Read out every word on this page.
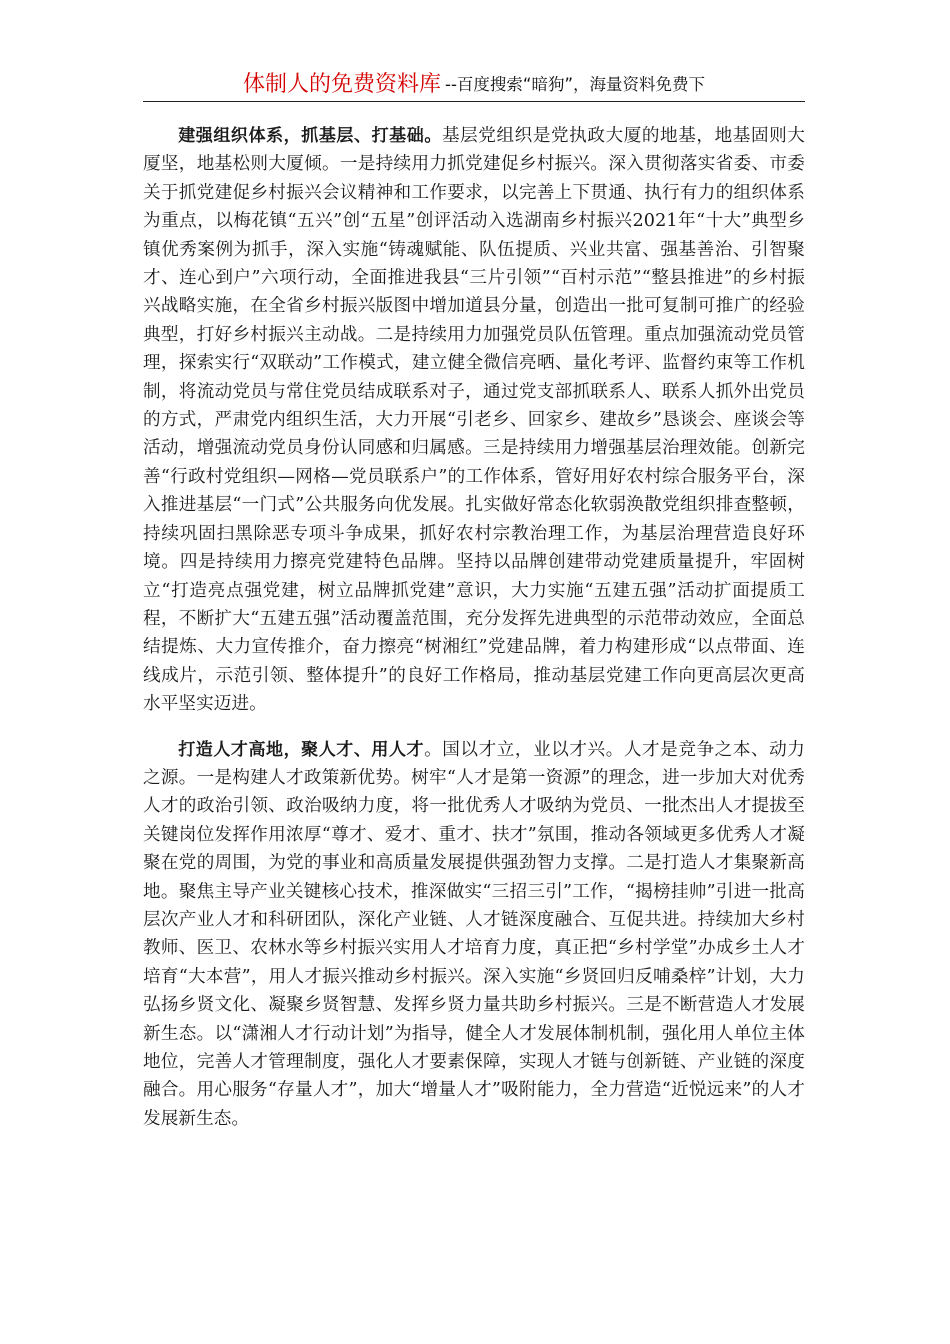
体制人的免费资料库 --百度搜索“暗狗”，海量资料免费下

建强组织体系，抓基层、打基础。基层党组织是党执政大厦的地基，地基固则大厦坚，地基松则大厦倾。一是持续用力抓党建促乡村振兴。深入贯彻落实省委、市委关于抓党建促乡村振兴会议精神和工作要求，以完善上下贯通、执行有力的组织体系为重点，以梅花镇“五兴”创“五星”创评活动入选湖南乡村振兴2021年“十大”典型乡镇优秀案例为抓手，深入实施“铸魂赋能、队伍提质、兴业共富、强基善治、引智聚才、连心到户”六项行动，全面推进我县“三片引领”“百村示范”“整县推进”的乡村振兴战略实施，在全省乡村振兴版图中增加道县分量，创造出一批可复制可推广的经验典型，打好乡村振兴主动战。二是持续用力加强党员队伍管理。重点加强流动党员管理，探索实行“双联动”工作模式，建立健全微信亮晒、量化考评、监督约束等工作机制，将流动党员与常住党员结成联系对子，通过党支部抓联系人、联系人抓外出党员的方式，严肃党内组织生活，大力开展“引老乡、回家乡、建故乡”恳谈会、座谈会等活动，增强流动党员身份认同感和归属感。三是持续用力增强基层治理效能。创新完善“行政村党组织—网格—党员联系户”的工作体系，管好用好农村综合服务平台，深入推进基层“一门式”公共服务向优发展。扎实做好常态化软弱涣散党组织排查整顿，持续巩固扫黑除恶专项斗争成果，抓好农村宗教治理工作，为基层治理营造良好环境。四是持续用力擦亮党建特色品牌。坚持以品牌创建带动党建质量提升，牢固树立“打造亮点强党建，树立品牌抓党建”意识，大力实施“五建五强”活动扩面提质工程，不断扩大“五建五强”活动覆盖范围，充分发挥先进典型的示范带动效应，全面总结提炼、大力宣传推介，奋力擦亮“树湘红”党建品牌，着力构建形成“以点带面、连线成片，示范引领、整体提升”的良好工作格局，推动基层党建工作向更高层次更高水平坚实迈进。

打造人才高地，聚人才、用人才。国以才立，业以才兴。人才是竞争之本、动力之源。一是构建人才政策新优势。树牢“人才是第一资源”的理念，进一步加大对优秀人才的政治引领、政治吸纳力度，将一批优秀人才吸纳为党员、一批杰出人才提拔至关键岗位发挥作用浓厚“尊才、爱才、重才、扶才”氛围，推动各领域更多优秀人才凝聚在党的周围，为党的事业和高质量发展提供强劲智力支撑。二是打造人才集聚新高地。聚焦主导产业关键核心技术，推深做实“三招三引”工作，“揭榜挂帅”引进一批高层次产业人才和科研团队，深化产业链、人才链深度融合、互促共进。持续加大乡村教师、医卫、农林水等乡村振兴实用人才培育力度，真正把“乡村学堂”办成乡土人才培育“大本营”，用人才振兴推动乡村振兴。深入实施“乡贤回归反哺桑梓”计划，大力弘扬乡贤文化、凝聚乡贤智慧、发挥乡贤力量共助乡村振兴。三是不断营造人才发展新生态。以“潇湘人才行动计划”为指导，健全人才发展体制机制，强化用人单位主体地位，完善人才管理制度，强化人才要素保障，实现人才链与创新链、产业链的深度融合。用心服务“存量人才”，加大“增量人才”吸附能力，全力营造“近悦远来”的人才发展新生态。
